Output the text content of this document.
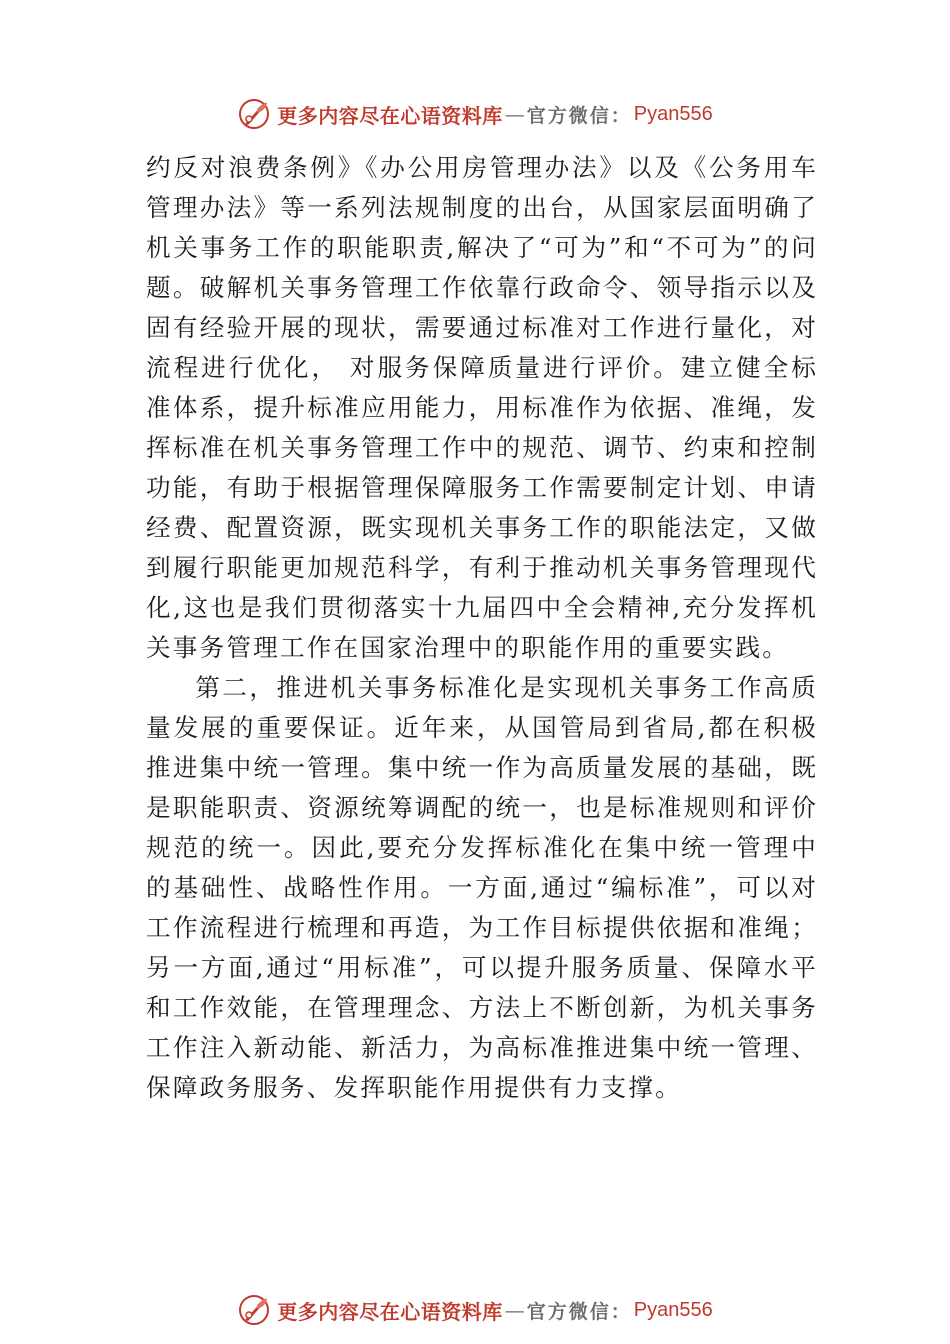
更多内容尽在心语资料库 — 官方微信： Pyan556

约反对浪费条例》《办公用房管理办法》以及《公务用车管理办法》等一系列法规制度的出台，从国家层面明确了机关事务工作的职能职责,解决了“可为”和“不可为”的问题。破解机关事务管理工作依靠行政命令、领导指示以及固有经验开展的现状，需要通过标准对工作进行量化，对流程进行优化， 对服务保障质量进行评价。建立健全标准体系，提升标准应用能力，用标准作为依据、准绳，发挥标准在机关事务管理工作中的规范、调节、约束和控制功能，有助于根据管理保障服务工作需要制定计划、申请经费、配置资源，既实现机关事务工作的职能法定，又做到履行职能更加规范科学，有利于推动机关事务管理现代化,这也是我们贯彻落实十九届四中全会精神,充分发挥机关事务管理工作在国家治理中的职能作用的重要实践。

第二，推进机关事务标准化是实现机关事务工作高质量发展的重要保证。近年来，从国管局到省局,都在积极推进集中统一管理。集中统一作为高质量发展的基础，既是职能职责、资源统筹调配的统一，也是标准规则和评价规范的统一。因此,要充分发挥标准化在集中统一管理中的基础性、战略性作用。一方面,通过“编标准”，可以对工作流程进行梳理和再造，为工作目标提供依据和准绳；另一方面,通过“用标准”，可以提升服务质量、保障水平和工作效能，在管理理念、方法上不断创新，为机关事务工作注入新动能、新活力，为高标准推进集中统一管理、保障政务服务、发挥职能作用提供有力支撑。

更多内容尽在心语资料库 — 官方微信： Pyan556
